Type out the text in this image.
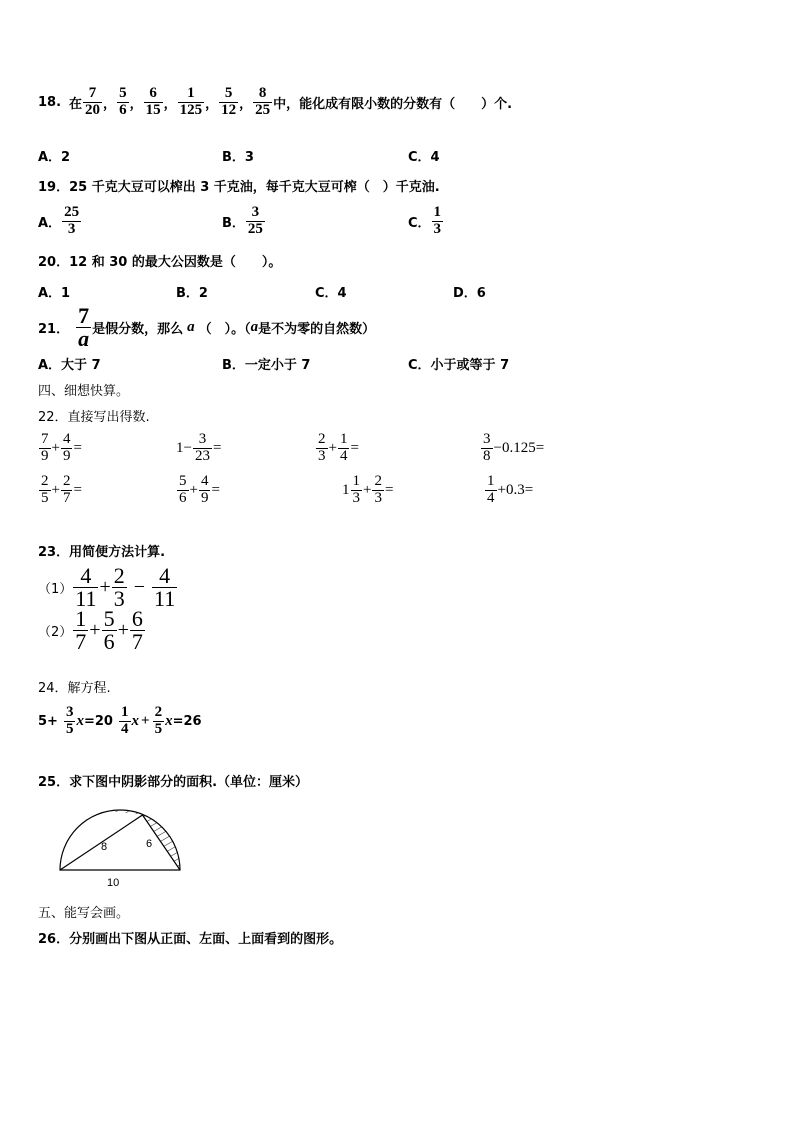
18. 在 $\frac{7}{20}$ ， $\frac{5}{6}$ ， $\frac{6}{15}$ ， $\frac{1}{125}$ ， $\frac{5}{12}$ ， $\frac{8}{25}$ 中，能化成有限小数的分数有（　　）个.
A．2	B．3	C．4
19．25 千克大豆可以榨出 3 千克油，每千克大豆可榨（　）千克油.
A． $\frac{25}{3}$	B． $\frac{3}{25}$	C． $\frac{1}{3}$
20．12 和 30 的最大公因数是（　　）。
A．1	B．2	C．4	D．6
21． $\frac{7}{a}$ 是假分数，那么 a （　）。（ a 是不为零的自然数）
A．大于 7	B．一定小于 7	C．小于或等于 7
四、细想快算。
22．直接写出得数.
$\frac{7}{9} + \frac{4}{9}$ =	$1 - \frac{3}{23}$ =	$\frac{2}{3} + \frac{1}{4}$ =	$\frac{3}{8} - 0.125$ =
$\frac{2}{5} + \frac{2}{7}$ =	$\frac{5}{6} + \frac{4}{9}$ =	$1 \frac{1}{3} + \frac{2}{3}$ =	$\frac{1}{4} + 0.3$ =
23．用简便方法计算.
$(1) \frac{4}{11} + \frac{2}{3} - \frac{4}{11}$
$(2) \frac{1}{7} + \frac{5}{6} + \frac{6}{7}$
24．解方程.
$5+ \frac{3}{5}$ $x =20 \frac{1}{4}$ $x + \frac{2}{5}$ x =26
25．求下图中阴影部分的面积.（单位：厘米）
8	6
10
五、能写会画。
26．分别画出下图从正面、左面、上面看到的图形。
